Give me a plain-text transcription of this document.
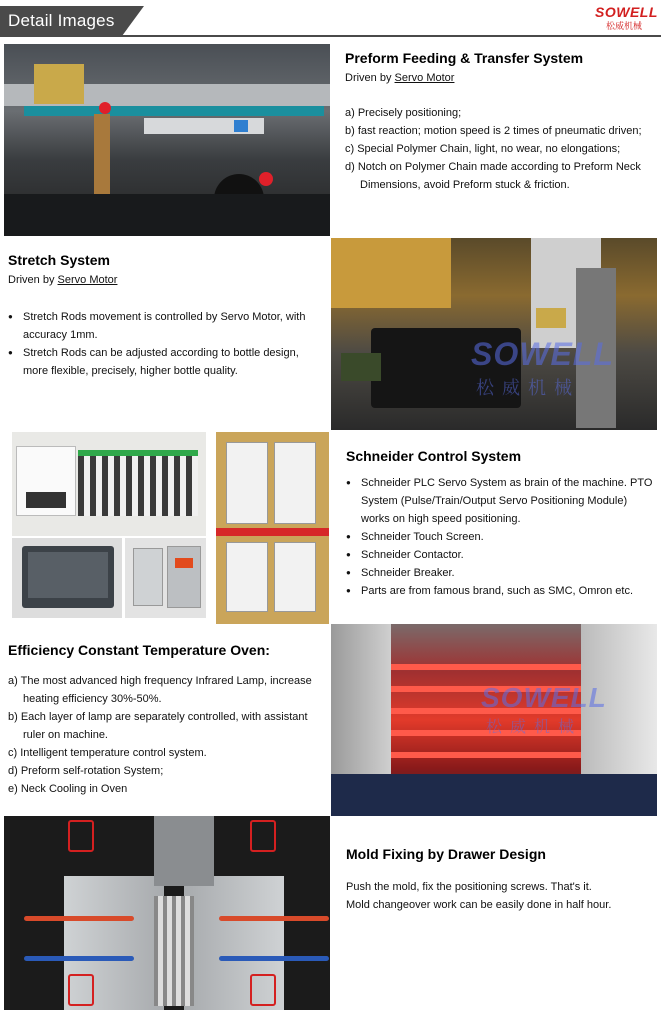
Detail Images	SOWELL
松威机械
Preform Feeding & Transfer System
Driven by Servo Motor
a) Precisely positioning;
b) fast reaction; motion speed is 2 times of pneumatic driven;
c) Special Polymer Chain, light, no wear, no elongations;
d) Notch on Polymer Chain made according to Preform Neck Dimensions, avoid Preform stuck & friction.
Stretch System
Driven by Servo Motor
● Stretch Rods movement is controlled by Servo Motor, with accuracy 1mm.
● Stretch Rods can be adjusted according to bottle design, more flexible, precisely, higher bottle quality.	SOWELL
松威机械
Schneider Control System
● Schneider PLC Servo System as brain of the machine. PTO System (Pulse/Train/Output Servo Positioning Module) works on high speed positioning.
● Schneider Touch Screen.
● Schneider Contactor.
● Schneider Breaker.
● Parts are from famous brand, such as SMC, Omron etc.
Efficiency Constant Temperature Oven:
a) The most advanced high frequency Infrared Lamp, increase heating efficiency 30%-50%.
b) Each layer of lamp are separately controlled, with assistant ruler on machine.
c) Intelligent temperature control system.
d) Preform self-rotation System;
e) Neck Cooling in Oven
SOWELL
松威机械
Mold Fixing by Drawer Design
Push the mold, fix the positioning screws. That's it.
Mold changeover work can be easily done in half hour.
